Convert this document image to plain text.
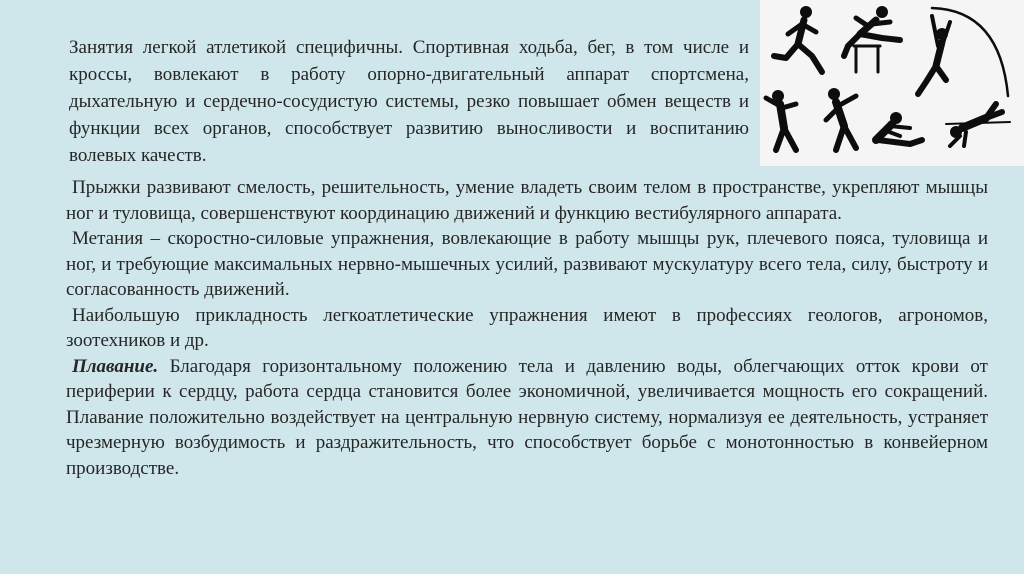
Занятия легкой атлетикой специфичны. Спортивная ходьба, бег, в том числе и кроссы, вовлекают в работу опорно-двигательный аппарат спортсмена, дыхательную и сердечно-сосудистую системы, резко повышает обмен веществ и функции всех органов, способствует развитию выносливости и воспитанию волевых качеств.

Прыжки развивают смелость, решительность, умение владеть своим телом в пространстве, укрепляют мышцы ног и туловища, совершенствуют координацию движений и функцию вестибулярного аппарата.

Метания – скоростно-силовые упражнения, вовлекающие в работу мышцы рук, плечевого пояса, туловища и ног, и требующие максимальных нервно-мышечных усилий, развивают мускулатуру всего тела, силу, быстроту и согласованность движений.

Наибольшую прикладность легкоатлетические упражнения имеют в профессиях геологов, агрономов, зоотехников и др.

Плавание. Благодаря горизонтальному положению тела и давлению воды, облегчающих отток крови от периферии к сердцу, работа сердца становится более экономичной, увеличивается мощность его сокращений. Плавание положительно воздействует на центральную нервную систему, нормализуя ее деятельность, устраняет чрезмерную возбудимость и раздражительность, что способствует борьбе с монотонностью в конвейерном производстве.
